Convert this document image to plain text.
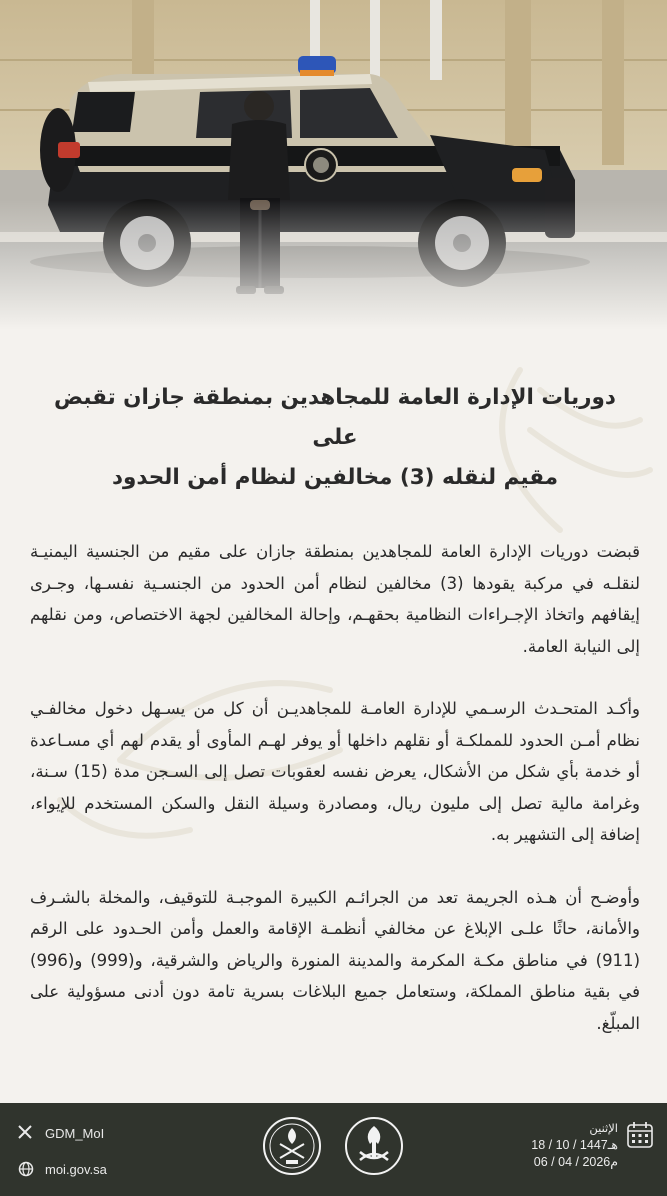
دوريات الإدارة العامة للمجاهدين بمنطقة جازان تقبض على
مقيم لنقله (3) مخالفين لنظام أمن الحدود

قبضت دوريات الإدارة العامة للمجاهدين بمنطقة جازان على مقيم من الجنسية اليمنيـة لنقلـه في مركبة يقودها (3) مخالفين لنظام أمن الحدود من الجنسـية نفسـها، وجـرى إيقافهم واتخاذ الإجـراءات النظامية بحقهـم، وإحالة المخالفين لجهة الاختصاص، ومن نقلهم إلى النيابة العامة.

وأكـد المتحـدث الرسـمي للإدارة العامـة للمجاهديـن أن كل من يسـهل دخول مخالفـي نظام أمـن الحدود للمملكـة أو نقلهم داخلها أو يوفر لهـم المأوى أو يقدم لهم أي مسـاعدة أو خدمة بأي شكل من الأشكال، يعرض نفسه لعقوبات تصل إلى السـجن مدة (15) سـنة، وغرامة مالية تصل إلى مليون ريال، ومصادرة وسيلة النقل والسكن المستخدم للإيواء، إضافة إلى التشهير به.

وأوضـح أن هـذه الجريمة تعد من الجرائـم الكبيرة الموجبـة للتوقيف، والمخلة بالشـرف والأمانة، حاثًا علـى الإبلاغ عن مخالفي أنظمـة الإقامة والعمل وأمن الحـدود على الرقم (911) في مناطق مكـة المكرمة والمدينة المنورة والرياض والشرقية، و(999) و(996) في بقية مناطق المملكة، وستعامل جميع البلاغات بسرية تامة دون أدنى مسؤولية على المبلّغ.

GDM_MoI
moi.gov.sa
الإثنين
18 / 10 / 1447هـ
06 / 04 / 2026م
